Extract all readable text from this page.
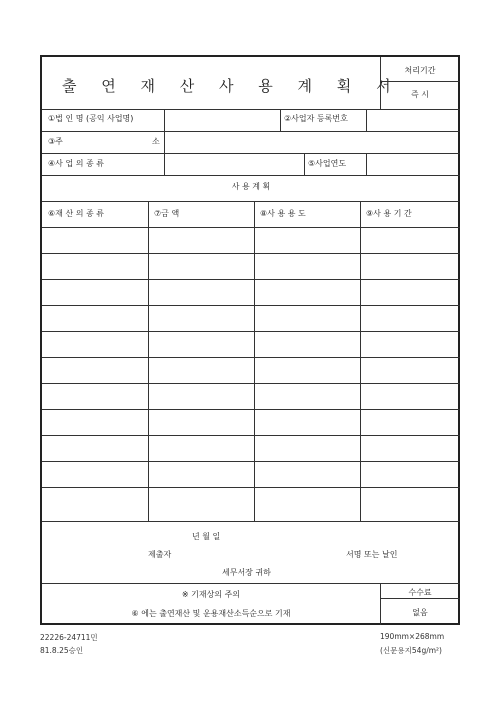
출 연 재 산 사 용 계 획 서
처리기간
즉 시
①법 인 명 (공익 사업명)	②사업자 등록번호
③주	소
④사 업 의 종 류	⑤사업연도
사 용 계 획
⑥재 산 의 종 류	⑦금 액	⑧사 용 용 도	⑨사 용 기 간
년 월 일
제출자	서명 또는 날인
세무서장 귀하
※ 기재상의 주의
⑥ 에는 출연재산 및 운용재산소득순으로 기재
수수료
없음
22226-24711민
81.8.25승인
190mm×268mm
(신문용지54g/m²)
